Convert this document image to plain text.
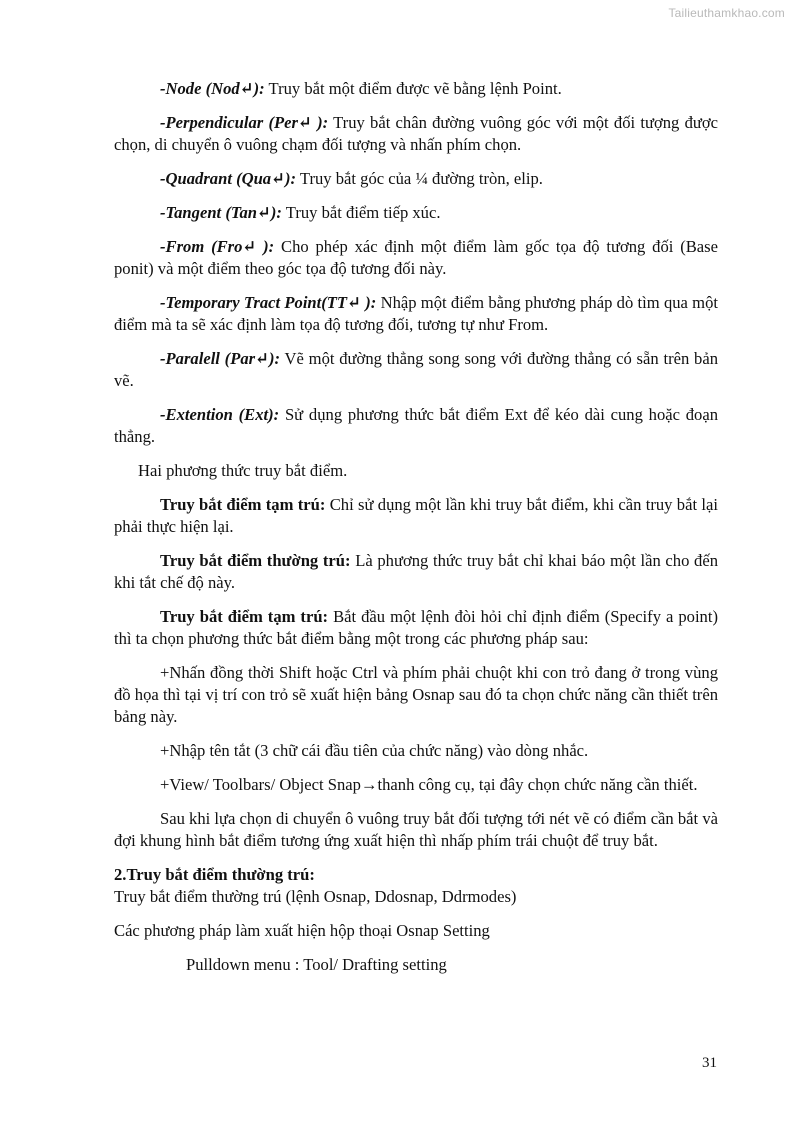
Tailieuthamkhao.com

-Node (Nod↵): Truy bắt một điểm được vẽ bằng lệnh Point.

-Perpendicular (Per↵ ): Truy bắt chân đường vuông góc với một đối tượng được chọn, di chuyển ô vuông chạm đối tượng và nhấn phím chọn.

-Quadrant (Qua↵): Truy bắt góc của ¼ đường tròn, elip.

-Tangent (Tan↵): Truy bắt điểm tiếp xúc.

-From (Fro↵ ): Cho phép xác định một điểm làm gốc tọa độ tương đối (Base ponit) và một điểm theo góc tọa độ tương đối này.

-Temporary Tract Point(TT↵ ): Nhập một điểm bằng phương pháp dò tìm qua một điểm mà ta sẽ xác định làm tọa độ tương đối, tương tự như From.

-Paralell (Par↵): Vẽ một đường thẳng song song với đường thẳng có sẵn trên bản vẽ.

-Extention (Ext): Sử dụng phương thức bắt điểm Ext để kéo dài cung hoặc đoạn thẳng.

Hai phương thức truy bắt điểm.

Truy bắt điểm tạm trú: Chỉ sử dụng một lần khi truy bắt điểm, khi cần truy bắt lại phải thực hiện lại.

Truy bắt điểm thường trú: Là phương thức truy bắt chỉ khai báo một lần cho đến khi tắt chế độ này.

Truy bắt điểm tạm trú: Bắt đầu một lệnh đòi hỏi chỉ định điểm (Specify a point) thì ta chọn phương thức bắt điểm bằng một trong các phương pháp sau:

+Nhấn đồng thời Shift hoặc Ctrl và phím phải chuột khi con trỏ đang ở trong vùng đồ họa thì tại vị trí con trỏ sẽ xuất hiện bảng Osnap sau đó ta chọn chức năng cần thiết trên bảng này.

+Nhập tên tắt (3 chữ cái đầu tiên của chức năng) vào dòng nhắc.

+View/ Toolbars/ Object Snap→thanh công cụ, tại đây chọn chức năng cần thiết.

Sau khi lựa chọn di chuyển ô vuông truy bắt đối tượng tới nét vẽ có điểm cần bắt và đợi khung hình bắt điểm tương ứng xuất hiện thì nhấp phím trái chuột để truy bắt.

2.Truy bắt điểm thường trú:

Truy bắt điểm thường trú (lệnh Osnap, Ddosnap, Ddrmodes)

Các phương pháp làm xuất hiện hộp thoại Osnap Setting

Pulldown menu : Tool/ Drafting setting

31
